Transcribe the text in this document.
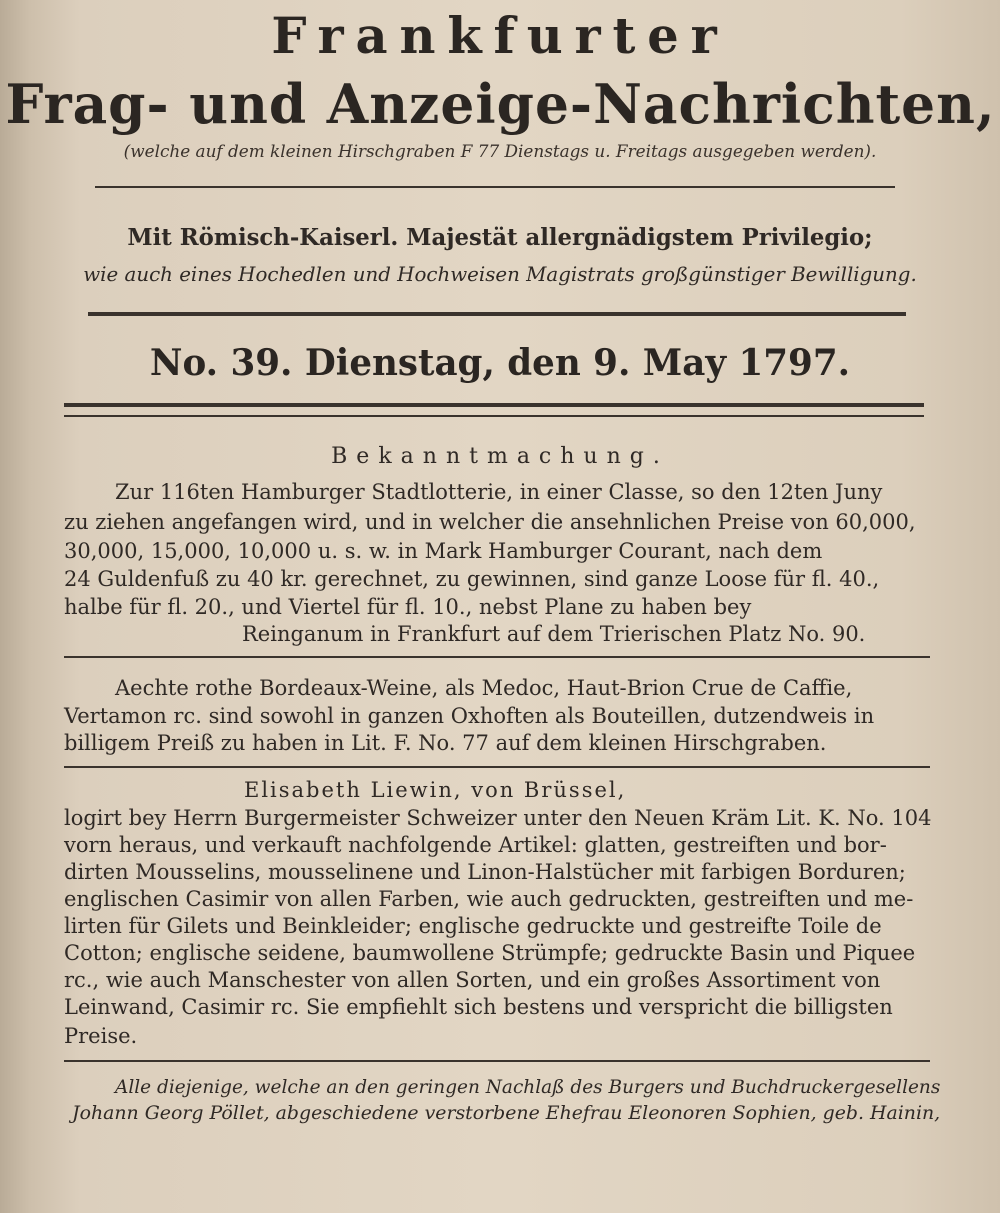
Frankfurter
Frag- und Anzeige-Nachrichten,

(welche auf dem kleinen Hirschgraben F 77 Dienstags u. Freitags ausgegeben werden).

Mit Römisch-Kaiserl. Majestät allergnädigstem Privilegio;

wie auch eines Hochedlen und Hochweisen Magistrats großgünstiger Bewilligung.

No. 39. Dienstag, den 9. May 1797.

Bekanntmachung.

Zur 116ten Hamburger Stadtlotterie, in einer Classe, so den 12ten Juny

zu ziehen angefangen wird, und in welcher die ansehnlichen Preise von 60,000,

30,000, 15,000, 10,000 u. s. w. in Mark Hamburger Courant, nach dem

24 Guldenfuß zu 40 kr. gerechnet, zu gewinnen, sind ganze Loose für fl. 40.,

halbe für fl. 20., und Viertel für fl. 10., nebst Plane zu haben bey

Reinganum in Frankfurt auf dem Trierischen Platz No. 90.

Aechte rothe Bordeaux-Weine, als Medoc, Haut-Brion Crue de Caffie,

Vertamon rc. sind sowohl in ganzen Oxhoften als Bouteillen, dutzendweis in

billigem Preiß zu haben in Lit. F. No. 77 auf dem kleinen Hirschgraben.

Elisabeth Liewin, von Brüssel,

logirt bey Herrn Burgermeister Schweizer unter den Neuen Kräm Lit. K. No. 104

vorn heraus, und verkauft nachfolgende Artikel: glatten, gestreiften und bor-

dirten Mousselins, mousselinene und Linon-Halstücher mit farbigen Borduren;

englischen Casimir von allen Farben, wie auch gedruckten, gestreiften und me-

lirten für Gilets und Beinkleider; englische gedruckte und gestreifte Toile de

Cotton; englische seidene, baumwollene Strümpfe; gedruckte Basin und Piquee

rc., wie auch Manschester von allen Sorten, und ein großes Assortiment von

Leinwand, Casimir rc. Sie empfiehlt sich bestens und verspricht die billigsten

Preise.

Alle diejenige, welche an den geringen Nachlaß des Burgers und Buchdruckergesellens

Johann Georg Pöllet, abgeschiedene verstorbene Ehefrau Eleonoren Sophien, geb. Hainin,
